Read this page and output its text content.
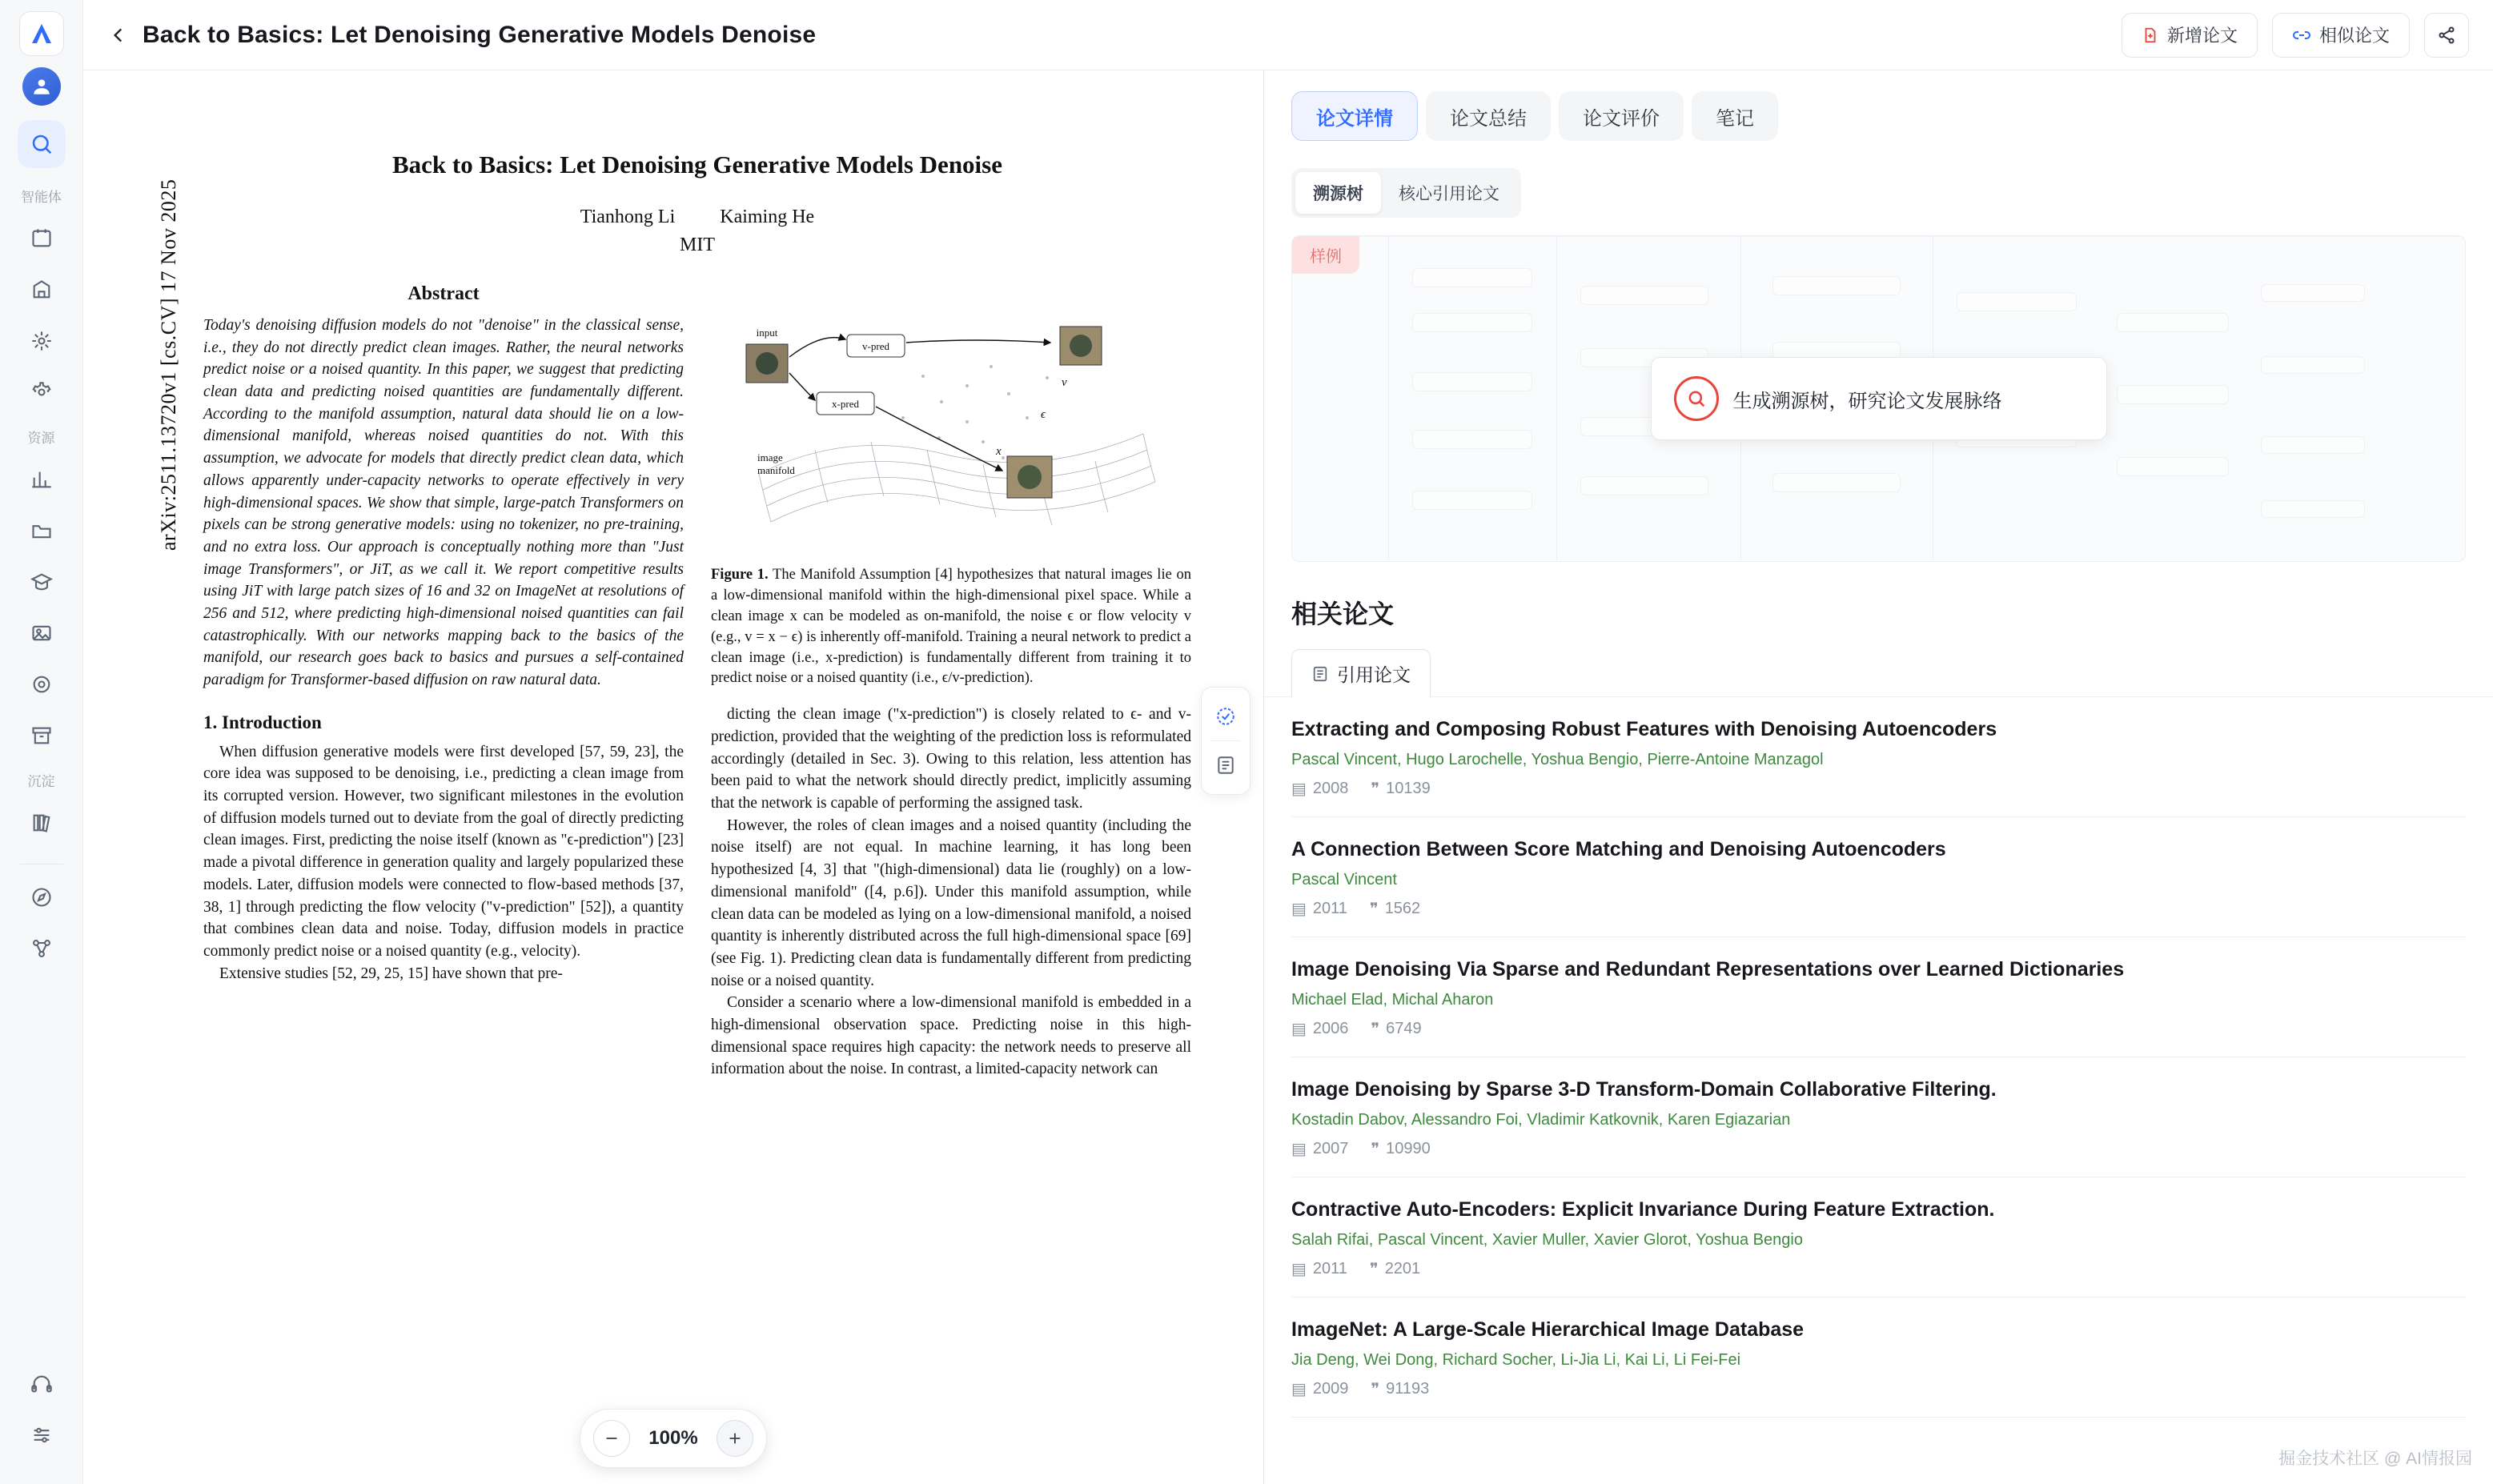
智能体
资源
沉淀
Back to Basics: Let Denoising Generative Models Denoise	新增论文	相似论文
arXiv:2511.13720v1 [cs.CV] 17 Nov 2025
Back to Basics: Let Denoising Generative Models Denoise
Tianhong Li Kaiming He
MIT
Abstract
Today's denoising diffusion models do not "denoise" in the classical sense, i.e., they do not directly predict clean images. Rather, the neural networks predict noise or a noised quantity. In this paper, we suggest that predicting clean data and predicting noised quantities are fundamentally different. According to the manifold assumption, natural data should lie on a low-dimensional manifold, whereas noised quantities do not. With this assumption, we advocate for models that directly predict clean data, which allows apparently under-capacity networks to operate effectively in very high-dimensional spaces. We show that simple, large-patch Transformers on pixels can be strong generative models: using no tokenizer, no pre-training, and no extra loss. Our approach is conceptually nothing more than "Just image Transformers", or JiT, as we call it. We report competitive results using JiT with large patch sizes of 16 and 32 on ImageNet at resolutions of 256 and 512, where predicting high-dimensional noised quantities can fail catastrophically. With our networks mapping back to the basics of the manifold, our research goes back to basics and pursues a self-contained paradigm for Transformer-based diffusion on raw natural data.
1. Introduction
When diffusion generative models were first developed [57, 59, 23], the core idea was supposed to be denoising, i.e., predicting a clean image from its corrupted version. However, two significant milestones in the evolution of diffusion models turned out to deviate from the goal of directly predicting clean images. First, predicting the noise itself (known as "ϵ-prediction") [23] made a pivotal difference in generation quality and largely popularized these models. Later, diffusion models were connected to flow-based methods [37, 38, 1] through predicting the flow velocity ("v-prediction" [52]), a quantity that combines clean data and noise. Today, diffusion models in practice commonly predict noise or a noised quantity (e.g., velocity).
Extensive studies [52, 29, 25, 15] have shown that pre-
input
v-pred
x-pred
v
ϵ
x
image
manifold
Figure 1. The Manifold Assumption [4] hypothesizes that natural images lie on a low-dimensional manifold within the high-dimensional pixel space. While a clean image x can be modeled as on-manifold, the noise ϵ or flow velocity v (e.g., v = x − ϵ) is inherently off-manifold. Training a neural network to predict a clean image (i.e., x-prediction) is fundamentally different from training it to predict noise or a noised quantity (i.e., ϵ/v-prediction).
dicting the clean image ("x-prediction") is closely related to ϵ- and v-prediction, provided that the weighting of the prediction loss is reformulated accordingly (detailed in Sec. 3). Owing to this relation, less attention has been paid to what the network should directly predict, implicitly assuming that the network is capable of performing the assigned task.
However, the roles of clean images and a noised quantity (including the noise itself) are not equal. In machine learning, it has long been hypothesized [4, 3] that "(high-dimensional) data lie (roughly) on a low-dimensional manifold" ([4, p.6]). Under this manifold assumption, while clean data can be modeled as lying on a low-dimensional manifold, a noised quantity is inherently distributed across the full high-dimensional space [69] (see Fig. 1). Predicting clean data is fundamentally different from predicting noise or a noised quantity.
Consider a scenario where a low-dimensional manifold is embedded in a high-dimensional observation space. Predicting noise in this high-dimensional space requires high capacity: the network needs to preserve all information about the noise. In contrast, a limited-capacity network can
100%
论文详情	论文总结	论文评价	笔记
溯源树	核心引用论文
样例
生成溯源树，研究论文发展脉络
相关论文
引用论文
Extracting and Composing Robust Features with Denoising Autoencoders
Pascal Vincent, Hugo Larochelle, Yoshua Bengio, Pierre-Antoine Manzagol
▤ 2008 ❞ 10139
A Connection Between Score Matching and Denoising Autoencoders
Pascal Vincent
▤ 2011 ❞ 1562
Image Denoising Via Sparse and Redundant Representations over Learned Dictionaries
Michael Elad, Michal Aharon
▤ 2006 ❞ 6749
Image Denoising by Sparse 3-D Transform-Domain Collaborative Filtering.
Kostadin Dabov, Alessandro Foi, Vladimir Katkovnik, Karen Egiazarian
▤ 2007 ❞ 10990
Contractive Auto-Encoders: Explicit Invariance During Feature Extraction.
Salah Rifai, Pascal Vincent, Xavier Muller, Xavier Glorot, Yoshua Bengio
▤ 2011 ❞ 2201
ImageNet: A Large-Scale Hierarchical Image Database
Jia Deng, Wei Dong, Richard Socher, Li-Jia Li, Kai Li, Li Fei-Fei
▤ 2009 ❞ 91193
掘金技术社区 @ AI情报园
